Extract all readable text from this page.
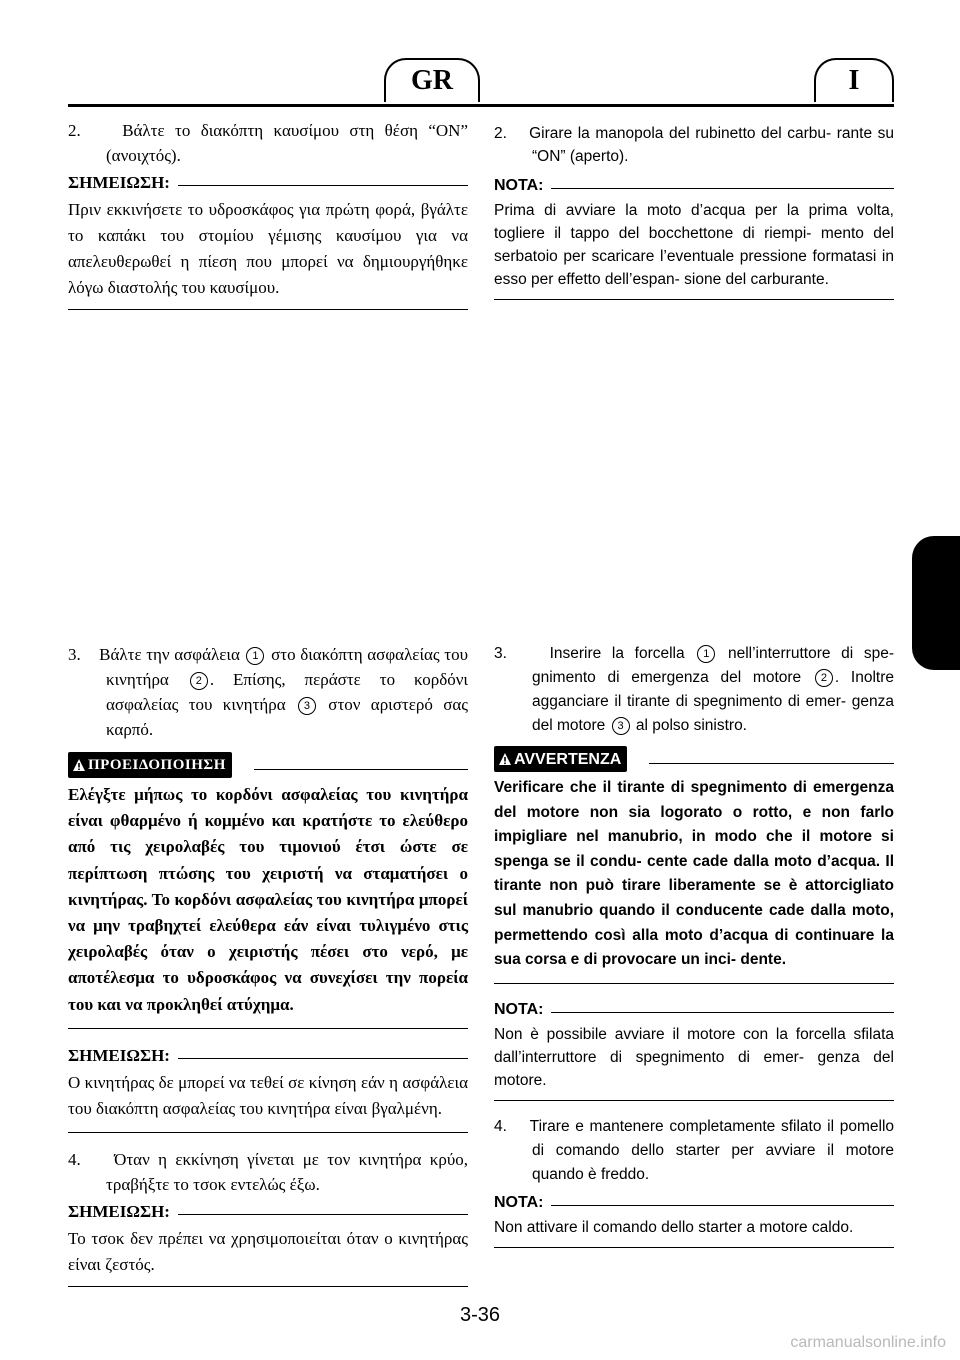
GR	I

2. Βάλτε το διακόπτη καυσίμου στη θέση “ΟΝ” (ανοιχτός).

ΣΗΜΕΙΩΣΗ:

Πριν εκκινήσετε το υδροσκάφος για πρώτη φορά, βγάλτε το καπάκι του στομίου γέμισης καυσίμου για να απελευθερωθεί η πίεση που μπορεί να δημιουργήθηκε λόγω διαστολής του καυσίμου.

2. Girare la manopola del rubinetto del carbu- rante su “ON” (aperto).

NOTA:

Prima di avviare la moto d’acqua per la prima volta, togliere il tappo del bocchettone di riempi- mento del serbatoio per scaricare l’eventuale pressione formatasi in esso per effetto dell’espan- sione del carburante.

3. Βάλτε την ασφάλεια 1 στο διακόπτη ασφαλείας του κινητήρα 2 . Επίσης, περάστε το κορδόνι ασφαλείας του κινητήρα 3 στον αριστερό σας καρπό.

ΠΡΟΕΙΔΟΠΟΙΗΣΗ

Ελέγξτε μήπως το κορδόνι ασφαλείας του κινητήρα είναι φθαρμένο ή κομμένο και κρατήστε το ελεύθερο από τις χειρολαβές του τιμονιού έτσι ώστε σε περίπτωση πτώσης του χειριστή να σταματήσει ο κινητήρας. Το κορδόνι ασφαλείας του κινητήρα μπορεί να μην τραβηχτεί ελεύθερα εάν είναι τυλιγμένο στις χειρολαβές όταν ο χειριστής πέσει στο νερό, με αποτέλεσμα το υδροσκάφος να συνεχίσει την πορεία του και να προκληθεί ατύχημα.

ΣΗΜΕΙΩΣΗ:

Ο κινητήρας δε μπορεί να τεθεί σε κίνηση εάν η ασφάλεια του διακόπτη ασφαλείας του κινητήρα είναι βγαλμένη.

4. Όταν η εκκίνηση γίνεται με τον κινητήρα κρύο, τραβήξτε το τσοκ εντελώς έξω.

ΣΗΜΕΙΩΣΗ:

Το τσοκ δεν πρέπει να χρησιμοποιείται όταν ο κινητήρας είναι ζεστός.

3.	Inserire la forcella 1 nell’interruttore di spe- gnimento di emergenza del motore 2 . Inoltre agganciare il tirante di spegnimento di emer- genza del motore 3 al polso sinistro.

AVVERTENZA

Verificare che il tirante di spegnimento di emergenza del motore non sia logorato o rotto, e non farlo impigliare nel manubrio, in modo che il motore si spenga se il condu- cente cade dalla moto d’acqua. Il tirante non può tirare liberamente se è attorcigliato sul manubrio quando il conducente cade dalla moto, permettendo così alla moto d’acqua di continuare la sua corsa e di provocare un inci- dente.

NOTA:

Non è possibile avviare il motore con la forcella sfilata dall’interruttore di spegnimento di emer- genza del motore.

4. Tirare e mantenere completamente sfilato il pomello di comando dello starter per avviare il motore quando è freddo.

NOTA:

Non attivare il comando dello starter a motore caldo.

3-36
carmanualsonline.info
